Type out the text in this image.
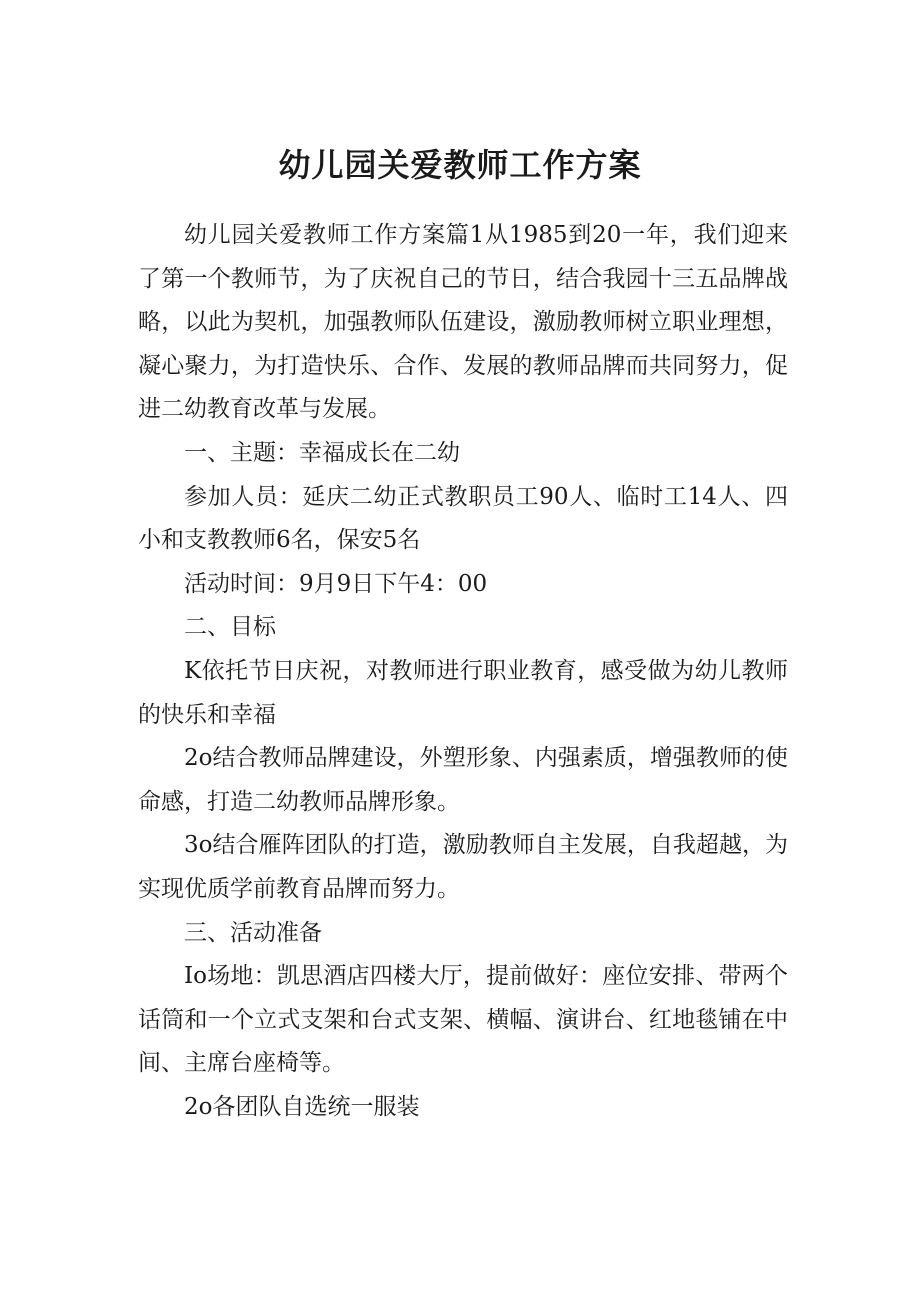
幼儿园关爱教师工作方案

幼儿园关爱教师工作方案篇1从1985到20一年，我们迎来了第一个教师节，为了庆祝自己的节日，结合我园十三五品牌战略，以此为契机，加强教师队伍建设，激励教师树立职业理想，凝心聚力，为打造快乐、合作、发展的教师品牌而共同努力，促进二幼教育改革与发展。

一、主题：幸福成长在二幼

参加人员：延庆二幼正式教职员工90人、临时工14人、四小和支教教师6名，保安5名

活动时间：9月9日下午4：00

二、目标

K依托节日庆祝，对教师进行职业教育，感受做为幼儿教师的快乐和幸福

2o结合教师品牌建设，外塑形象、内强素质，增强教师的使命感，打造二幼教师品牌形象。

3o结合雁阵团队的打造，激励教师自主发展，自我超越，为实现优质学前教育品牌而努力。

三、活动准备

Io场地：凯思酒店四楼大厅，提前做好：座位安排、带两个话筒和一个立式支架和台式支架、横幅、演讲台、红地毯铺在中间、主席台座椅等。

2o各团队自选统一服装
